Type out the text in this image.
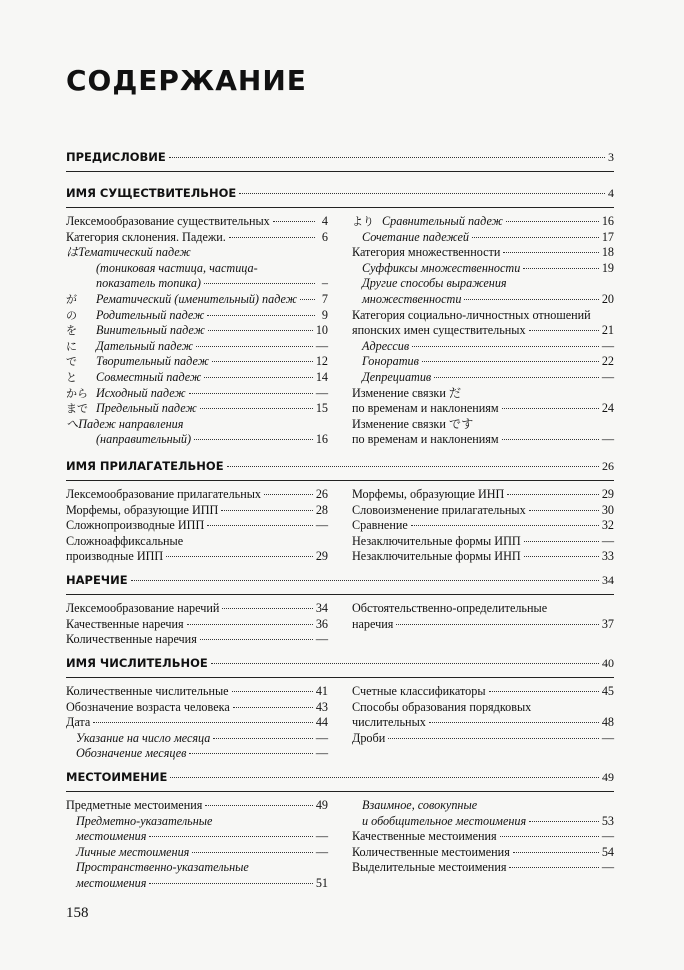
СОДЕРЖАНИЕ
ПРЕДИСЛОВИЕ	3
ИМЯ СУЩЕСТВИТЕЛЬНОЕ	4
Лексемообразование существительных	4
Категория склонения. Падежи.	6
はТематический падеж
(тониковая частица, частица-
показатель топика)	–
が	Рематический (именительный) падеж	7
の	Родительный падеж	9
を	Винительный падеж	10
に	Дательный падеж	—
で	Творительный падеж	12
と	Совместный падеж	14
から Исходный падеж	—
まで Предельный падеж	15
へПадеж направления
(направительный)	16
より Сравнительный падеж	16
Сочетание падежей	17
Категория множественности	18
Суффиксы множественности	19
Другие способы выражения
множественности	20
Категория социально-личностных отношений
японских имен существительных	21
Адрессив	—
Гоноратив	22
Депрециатив	—
Изменение связки だ
по временам и наклонениям	24
Изменение связки です
по временам и наклонениям	—
ИМЯ ПРИЛАГАТЕЛЬНОЕ	26
Лексемообразование прилагательных	26
Морфемы, образующие ИПП	28
Сложнопроизводные ИПП	—
Сложноаффиксальные
производные ИПП	29
Морфемы, образующие ИНП	29
Словоизменение прилагательных	30
Сравнение	32
Незаключительные формы ИПП	—
Незаключительные формы ИНП	33
НАРЕЧИЕ	34
Лексемообразование наречий	34
Качественные наречия	36
Количественные наречия	—
Обстоятельственно-определительные
наречия	37
ИМЯ ЧИСЛИТЕЛЬНОЕ	40
Количественные числительные	41
Обозначение возраста человека	43
Дата	44
Указание на число месяца	—
Обозначение месяцев	—
Счетные классификаторы	45
Способы образования порядковых
числительных	48
Дроби	—
МЕСТОИМЕНИЕ	49
Предметные местоимения	49
Предметно-указательные
местоимения	—
Личные местоимения	—
Пространственно-указательные
местоимения	51
Взаимное, совокупные
и обобщительное местоимения	53
Качественные местоимения	—
Количественные местоимения	54
Выделительные местоимения	—
158
